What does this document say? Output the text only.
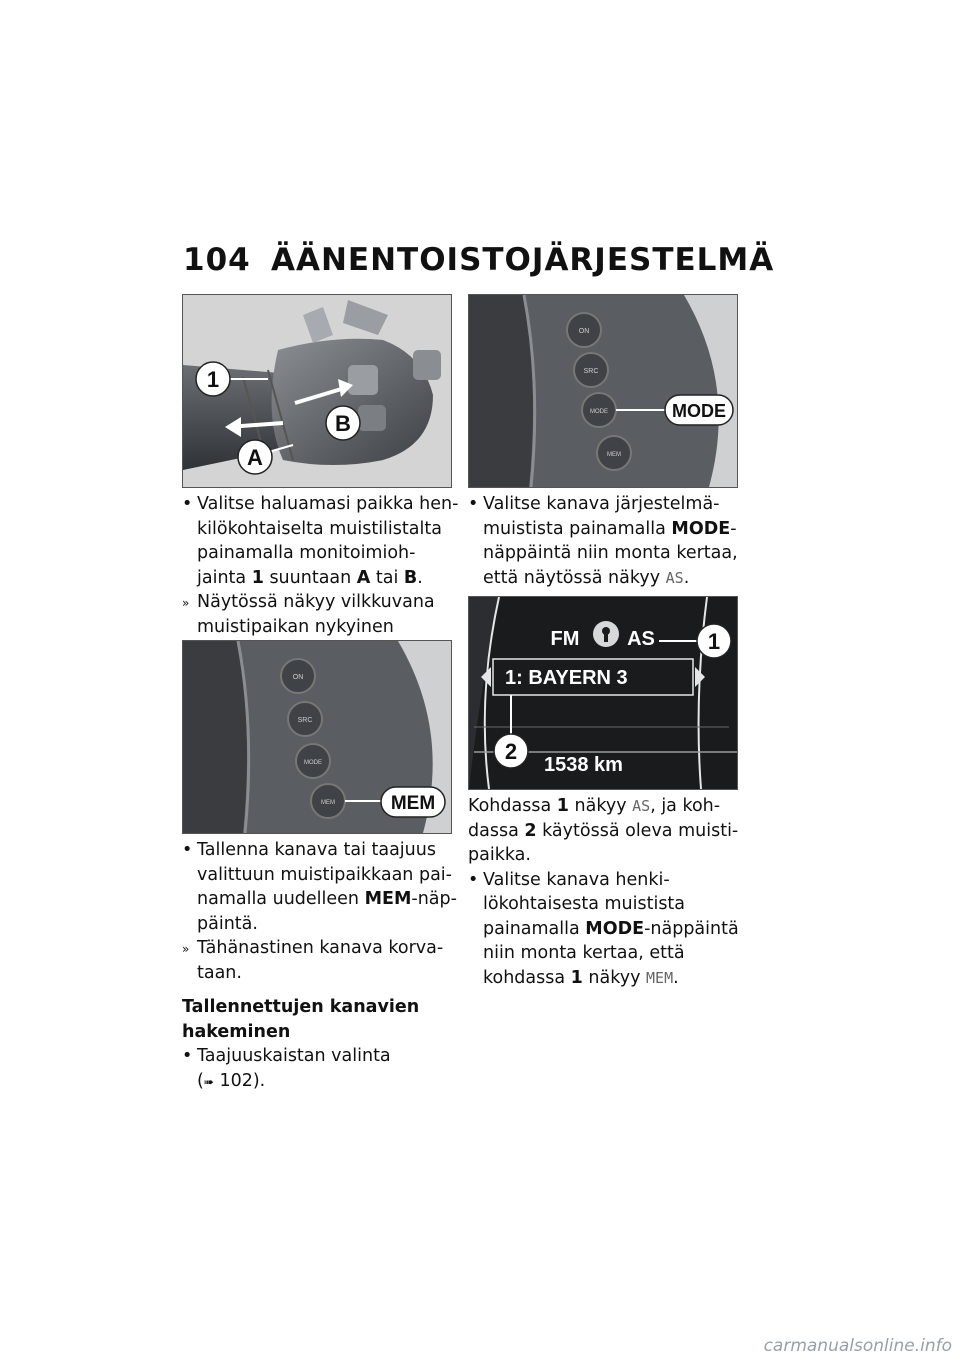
104 ÄÄNENTOISTOJÄRJESTELMÄ
1
B
A

• Valitse haluamasi paikka hen-
kilökohtaiselta muistilistalta
painamalla monitoimioh-
jainta 1 suuntaan A tai B.

» Näytössä näkyy vilkkuvana
muistipaikan nykyinen

ON
SRC
MODE
MEM	MEM

• Tallenna kanava tai taajuus
valittuun muistipaikkaan pai-
namalla uudelleen MEM-näp-
päintä.

» Tähänastinen kanava korva-
taan.

Tallennettujen kanavien
hakeminen

• Taajuuskaistan valinta
(➠ 102).

ON
SRC
MODE
MEM
MODE

• Valitse kanava järjestelmä-
muistista painamalla MODE-
näppäintä niin monta kertaa,
että näytössä näkyy AS.

FM AS
1: BAYERN 3
1538 km
1
2

Kohdassa 1 näkyy AS, ja koh-
dassa 2 käytössä oleva muisti-
paikka.

• Valitse kanava henki-
lökohtaisesta muistista
painamalla MODE-näppäintä
niin monta kertaa, että
kohdassa 1 näkyy MEM.

carmanualsonline.info
